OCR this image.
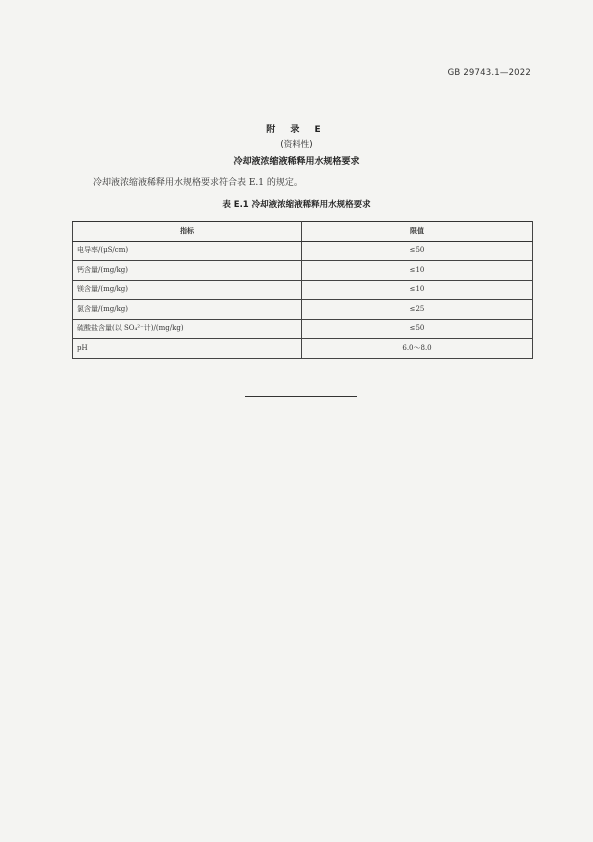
GB 29743.1—2022
附 录 E
(资料性)
冷却液浓缩液稀释用水规格要求
冷却液浓缩液稀释用水规格要求符合表 E.1 的规定。
表 E.1 冷却液浓缩液稀释用水规格要求
指标	限值
电导率/(μS/cm)	≤50
钙含量/(mg/kg)	≤10
镁含量/(mg/kg)	≤10
氯含量/(mg/kg)	≤25
硫酸盐含量(以 SO₄²⁻计)/(mg/kg)	≤50
pH	6.0～8.0
